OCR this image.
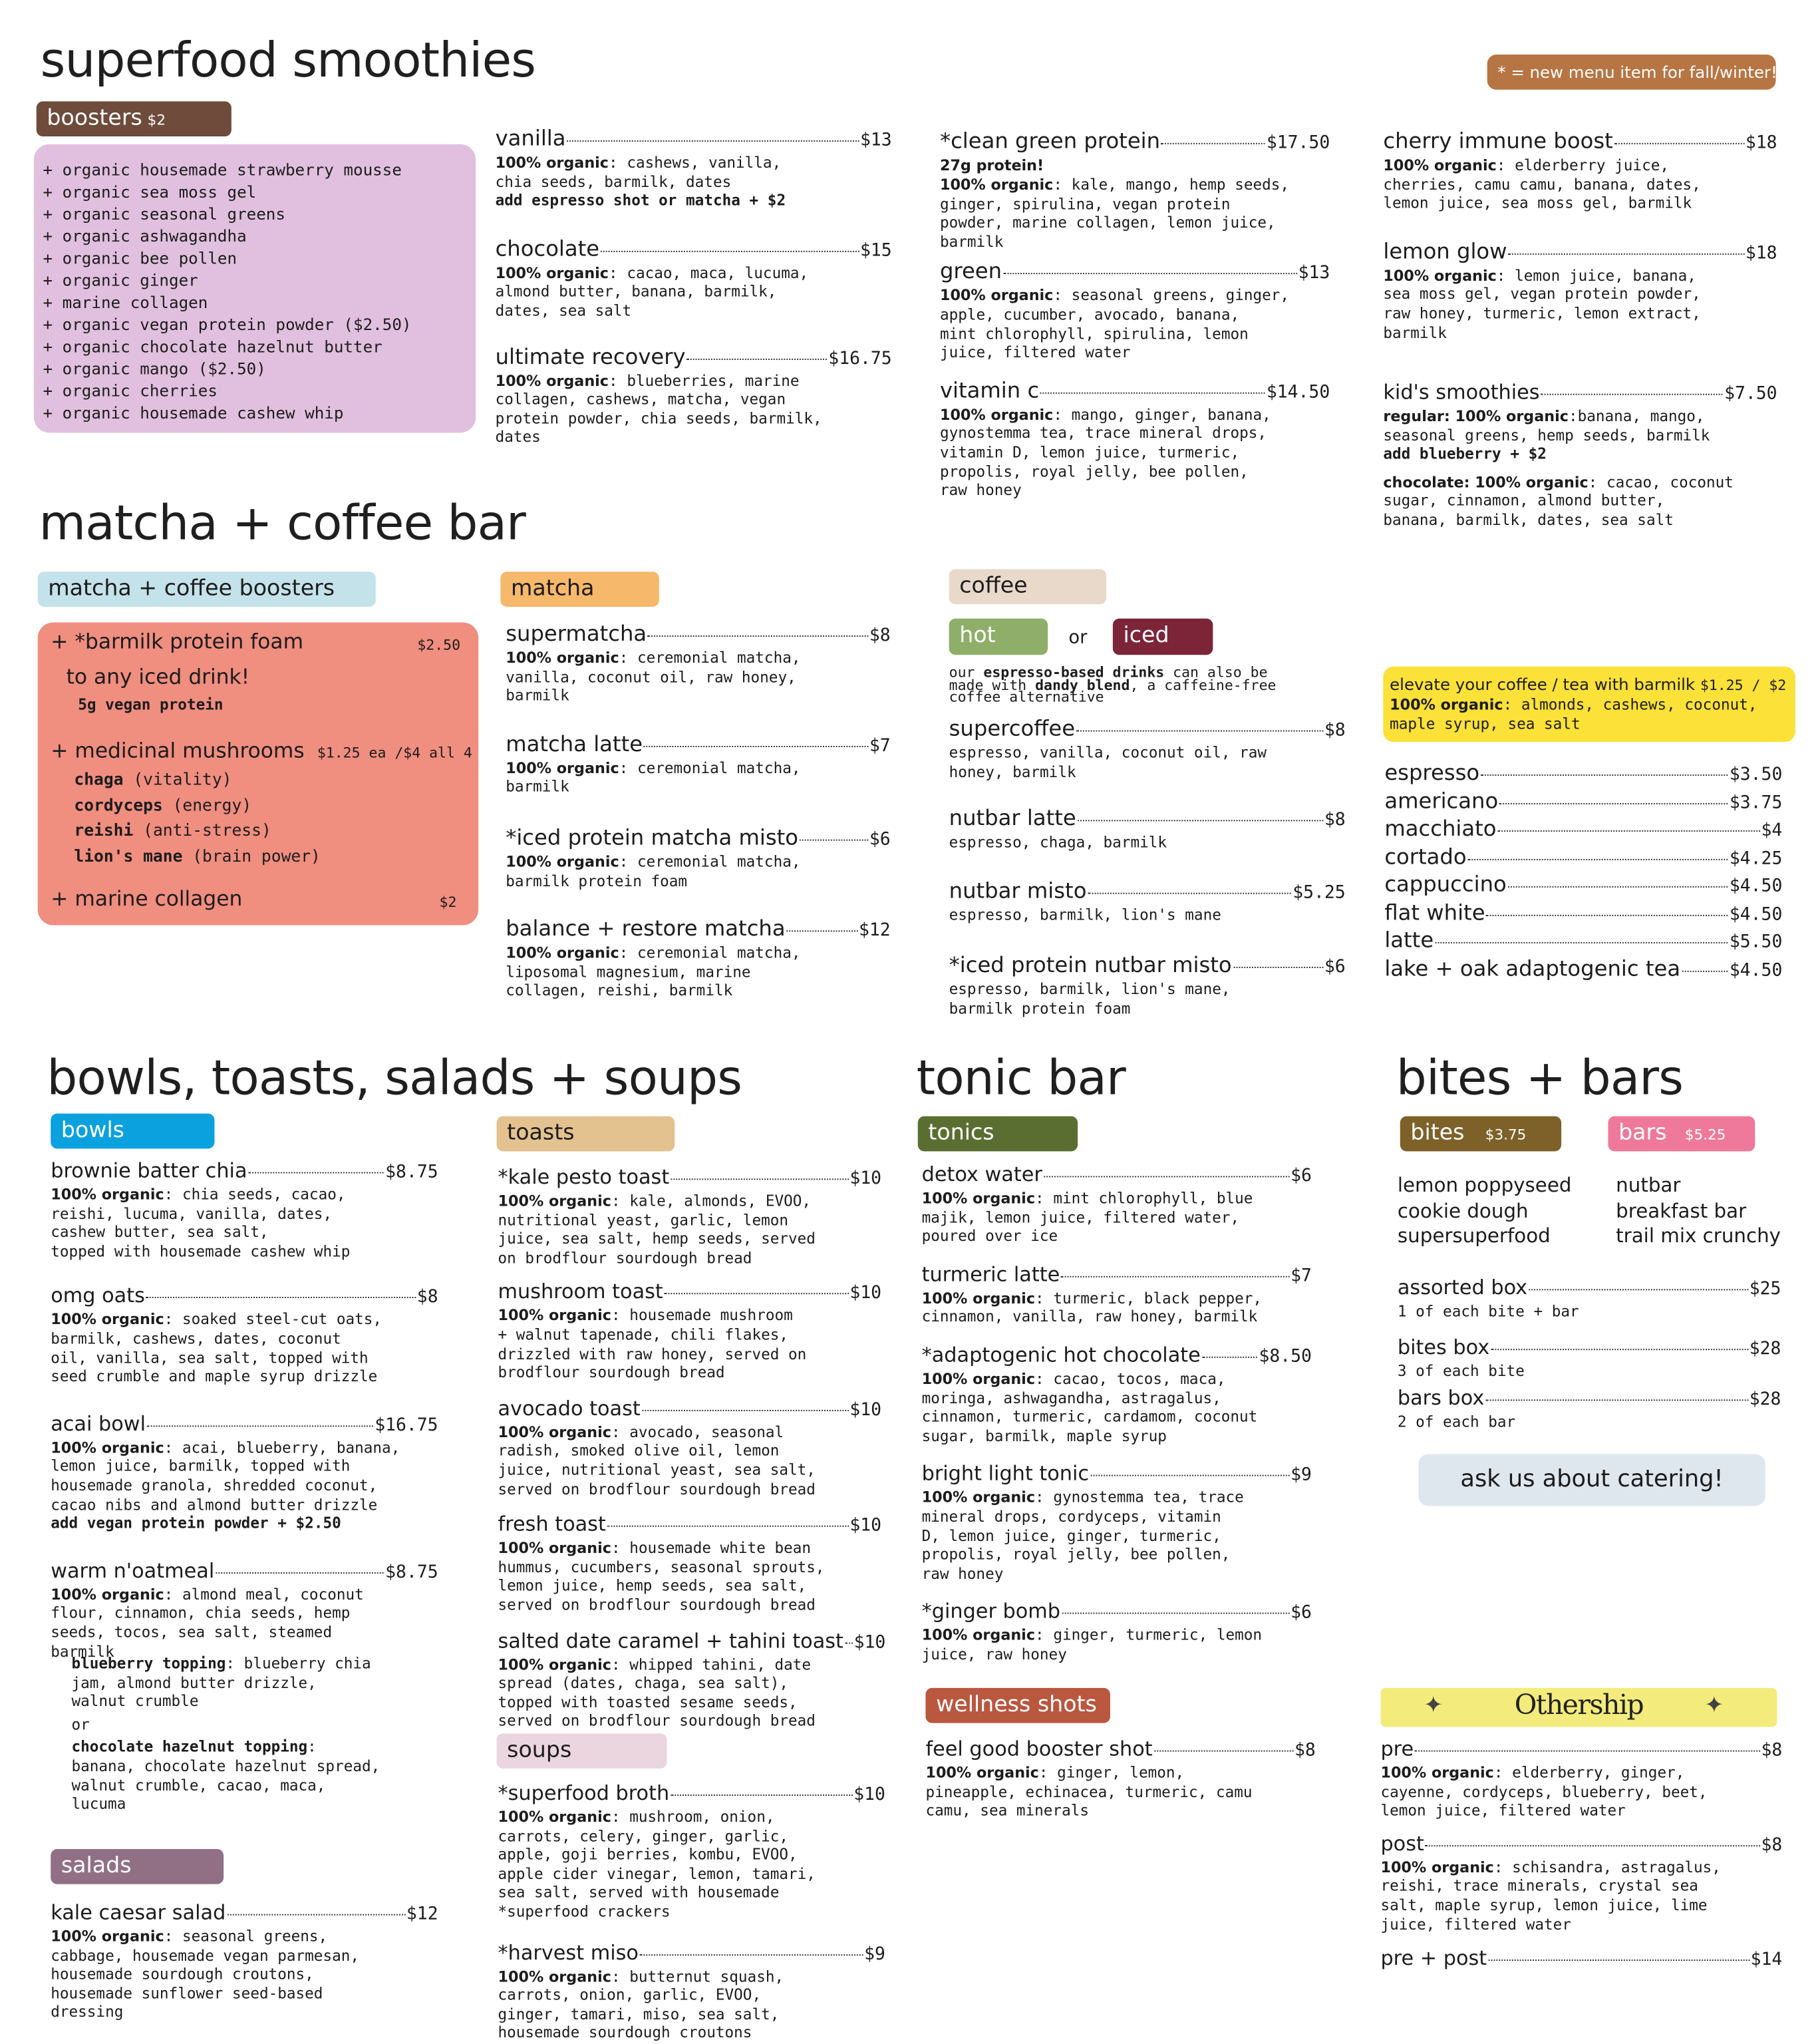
superfood smoothies	* = new menu item for fall/winter!
boosters $2
+ organic housemade strawberry mousse
+ organic sea moss gel
+ organic seasonal greens
+ organic ashwagandha
+ organic bee pollen
+ organic ginger
+ marine collagen
+ organic vegan protein powder ($2.50)
+ organic chocolate hazelnut butter
+ organic mango ($2.50)
+ organic cherries
+ organic housemade cashew whip
vanilla	$13
100% organic: cashews, vanilla,
chia seeds, barmilk, dates
add espresso shot or matcha + $2
chocolate	$15
100% organic: cacao, maca, lucuma,
almond butter, banana, barmilk,
dates, sea salt
ultimate recovery	$16.75
100% organic: blueberries, marine
collagen, cashews, matcha, vegan
protein powder, chia seeds, barmilk,
dates
*clean green protein	$17.50
27g protein!
100% organic: kale, mango, hemp seeds,
ginger, spirulina, vegan protein
powder, marine collagen, lemon juice,
barmilk
green	$13
100% organic: seasonal greens, ginger,
apple, cucumber, avocado, banana,
mint chlorophyll, spirulina, lemon
juice, filtered water
vitamin c	$14.50
100% organic: mango, ginger, banana,
gynostemma tea, trace mineral drops,
vitamin D, lemon juice, turmeric,
propolis, royal jelly, bee pollen,
raw honey
cherry immune boost	$18
100% organic: elderberry juice,
cherries, camu camu, banana, dates,
lemon juice, sea moss gel, barmilk
lemon glow	$18
100% organic: lemon juice, banana,
sea moss gel, vegan protein powder,
raw honey, turmeric, lemon extract,
barmilk
kid's smoothies	$7.50
regular: 100% organic:banana, mango,
seasonal greens, hemp seeds, barmilk
add blueberry + $2
chocolate: 100% organic: cacao, coconut
sugar, cinnamon, almond butter,
banana, barmilk, dates, sea salt
matcha + coffee bar
matcha + coffee boosters
+ *barmilk protein foam	$2.50
to any iced drink!
5g vegan protein
+ medicinal mushrooms $1.25 ea /$4 all 4
chaga (vitality)
cordyceps (energy)
reishi (anti-stress)
lion's mane (brain power)
+ marine collagen	$2
matcha
supermatcha	$8
100% organic: ceremonial matcha,
vanilla, coconut oil, raw honey,
barmilk
matcha latte	$7
100% organic: ceremonial matcha,
barmilk
*iced protein matcha misto	$6
100% organic: ceremonial matcha,
barmilk protein foam
balance + restore matcha	$12
100% organic: ceremonial matcha,
liposomal magnesium, marine
collagen, reishi, barmilk
coffee
hot	or	iced
our espresso-based drinks can also be
made with dandy blend, a caffeine-free
coffee alternative
supercoffee	$8
espresso, vanilla, coconut oil, raw
honey, barmilk
nutbar latte	$8
espresso, chaga, barmilk
nutbar misto	$5.25
espresso, barmilk, lion's mane
*iced protein nutbar misto	$6
espresso, barmilk, lion's mane,
barmilk protein foam
elevate your coffee / tea with barmilk $1.25 / $2
100% organic: almonds, cashews, coconut,
maple syrup, sea salt
espresso	$3.50
americano	$3.75
macchiato	$4
cortado	$4.25
cappuccino	$4.50
flat white	$4.50
latte	$5.50
lake + oak adaptogenic tea	$4.50
bowls, toasts, salads + soups
bowls
brownie batter chia	$8.75
100% organic: chia seeds, cacao,
reishi, lucuma, vanilla, dates,
cashew butter, sea salt,
topped with housemade cashew whip
omg oats	$8
100% organic: soaked steel-cut oats,
barmilk, cashews, dates, coconut
oil, vanilla, sea salt, topped with
seed crumble and maple syrup drizzle
acai bowl	$16.75
100% organic: acai, blueberry, banana,
lemon juice, barmilk, topped with
housemade granola, shredded coconut,
cacao nibs and almond butter drizzle
add vegan protein powder + $2.50
warm n'oatmeal	$8.75
100% organic: almond meal, coconut
flour, cinnamon, chia seeds, hemp
seeds, tocos, sea salt, steamed
barmilk
blueberry topping: blueberry chia
jam, almond butter drizzle,
walnut crumble
or
chocolate hazelnut topping:
banana, chocolate hazelnut spread,
walnut crumble, cacao, maca,
lucuma
salads
kale caesar salad	$12
100% organic: seasonal greens,
cabbage, housemade vegan parmesan,
housemade sourdough croutons,
housemade sunflower seed-based
dressing
toasts
*kale pesto toast	$10
100% organic: kale, almonds, EVOO,
nutritional yeast, garlic, lemon
juice, sea salt, hemp seeds, served
on brodflour sourdough bread
mushroom toast	$10
100% organic: housemade mushroom
+ walnut tapenade, chili flakes,
drizzled with raw honey, served on
brodflour sourdough bread
avocado toast	$10
100% organic: avocado, seasonal
radish, smoked olive oil, lemon
juice, nutritional yeast, sea salt,
served on brodflour sourdough bread
fresh toast	$10
100% organic: housemade white bean
hummus, cucumbers, seasonal sprouts,
lemon juice, hemp seeds, sea salt,
served on brodflour sourdough bread
salted date caramel + tahini toast $10
100% organic: whipped tahini, date
spread (dates, chaga, sea salt),
topped with toasted sesame seeds,
served on brodflour sourdough bread
soups
*superfood broth	$10
100% organic: mushroom, onion,
carrots, celery, ginger, garlic,
apple, goji berries, kombu, EVOO,
apple cider vinegar, lemon, tamari,
sea salt, served with housemade
*superfood crackers
*harvest miso	$9
100% organic: butternut squash,
carrots, onion, garlic, EVOO,
ginger, tamari, miso, sea salt,
housemade sourdough croutons
tonic bar
tonics
detox water	$6
100% organic: mint chlorophyll, blue
majik, lemon juice, filtered water,
poured over ice
turmeric latte	$7
100% organic: turmeric, black pepper,
cinnamon, vanilla, raw honey, barmilk
*adaptogenic hot chocolate	$8.50
100% organic: cacao, tocos, maca,
moringa, ashwagandha, astragalus,
cinnamon, turmeric, cardamom, coconut
sugar, barmilk, maple syrup
bright light tonic	$9
100% organic: gynostemma tea, trace
mineral drops, cordyceps, vitamin
D, lemon juice, ginger, turmeric,
propolis, royal jelly, bee pollen,
raw honey
*ginger bomb	$6
100% organic: ginger, turmeric, lemon
juice, raw honey
wellness shots
feel good booster shot	$8
100% organic: ginger, lemon,
pineapple, echinacea, turmeric, camu
camu, sea minerals
bites + bars
bites	$3.75	bars $5.25
lemon poppyseed
cookie dough
supersuperfood
nutbar
breakfast bar
trail mix crunchy
assorted box	$25
1 of each bite + bar
bites box	$28
3 of each bite
bars box	$28
2 of each bar
ask us about catering!
✦	Othership	✦
pre	$8
100% organic: elderberry, ginger,
cayenne, cordyceps, blueberry, beet,
lemon juice, filtered water
post	$8
100% organic: schisandra, astragalus,
reishi, trace minerals, crystal sea
salt, maple syrup, lemon juice, lime
juice, filtered water
pre + post	$14
